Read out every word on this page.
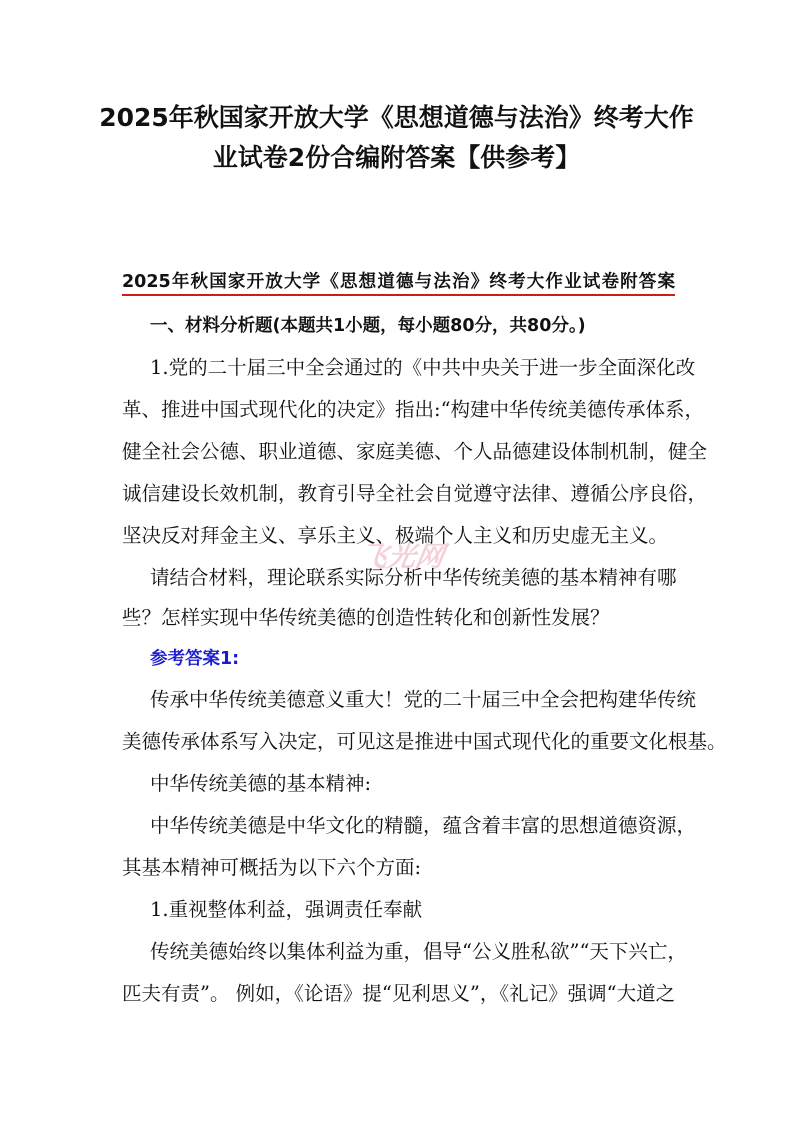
2025年秋国家开放大学《思想道德与法治》终考大作
业试卷2份合编附答案【供参考】
2025年秋国家开放大学《思想道德与法治》终考大作业试卷附答案
一、材料分析题(本题共1小题，每小题80分，共80分。)
1.党的二十届三中全会通过的《中共中央关于进一步全面深化改
革、推进中国式现代化的决定》指出:“构建中华传统美德传承体系，
健全社会公德、职业道德、家庭美德、个人品德建设体制机制，健全
诚信建设长效机制，教育引导全社会自觉遵守法律、遵循公序良俗，
坚决反对拜金主义、享乐主义、极端个人主义和历史虚无主义。
请结合材料，理论联系实际分析中华传统美德的基本精神有哪
些？怎样实现中华传统美德的创造性转化和创新性发展？
参考答案1:
传承中华传统美德意义重大！党的二十届三中全会把构建华传统
美德传承体系写入决定，可见这是推进中国式现代化的重要文化根基。
中华传统美德的基本精神:
中华传统美德是中华文化的精髓，蕴含着丰富的思想道德资源，
其基本精神可概括为以下六个方面:
1.重视整体利益，强调责任奉献
传统美德始终以集体利益为重，倡导“公义胜私欲”“天下兴亡，
匹夫有责”。 例如，《论语》提“见利思义”，《礼记》强调“大道之
飞光网
